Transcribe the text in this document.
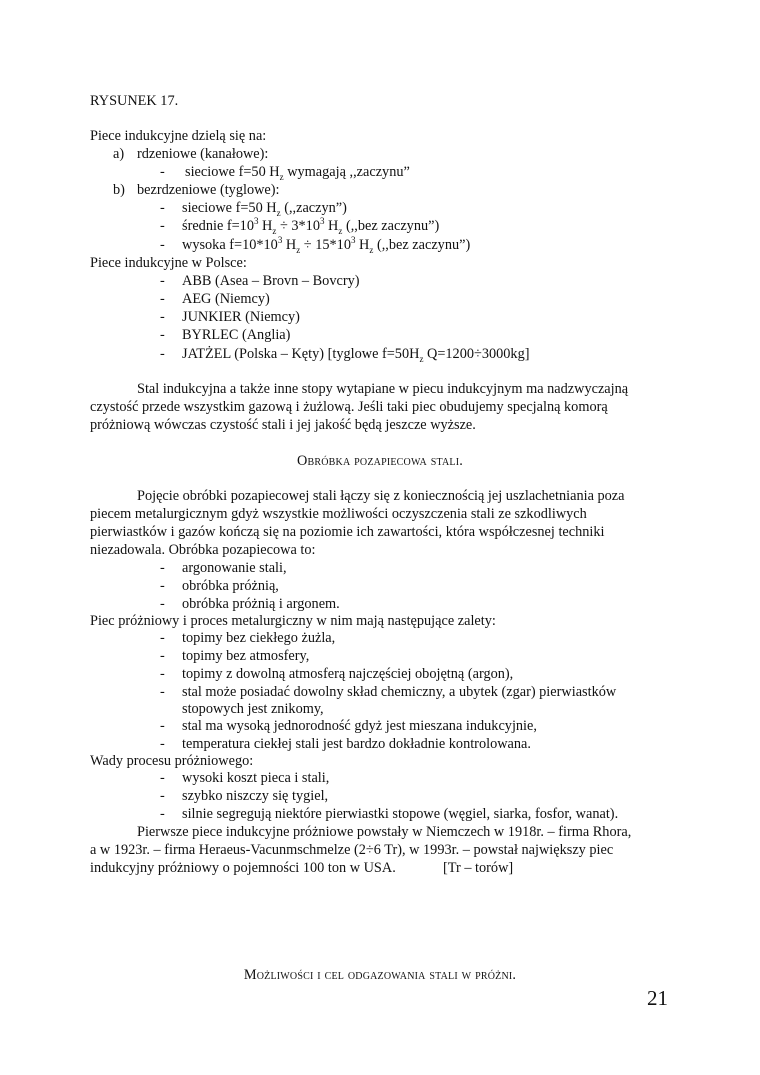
RYSUNEK 17.
Piece indukcyjne dzielą się na:
a) rdzeniowe (kanałowe):
- sieciowe f=50 $H_z$ wymagają ,,zaczynu”
b) bezrdzeniowe (tyglowe):
- sieciowe f=50 $H_z$ (,,zaczyn”)
- średnie $f=10^3$ $H_z \div 3*10^3$ $H_z$ (,,bez zaczynu”)
- wysoka $f=10*10^3$ $H_z \div 15*10^3$ $H_z$ (,,bez zaczynu”)
Piece indukcyjne w Polsce:
- ABB (Asea – Brovn – Bovcry)
- AEG (Niemcy)
- JUNKIER (Niemcy)
- BYRLEC (Anglia)
- JATŻEL (Polska – Kęty) [tyglowe $f=50H_z$ Q=1200÷3000kg]
Stal indukcyjna a także inne stopy wytapiane w piecu indukcyjnym ma nadzwyczajną
czystość przede wszystkim gazową i żużlową. Jeśli taki piec obudujemy specjalną komorą
próżniową wówczas czystość stali i jej jakość będą jeszcze wyższe.
Obróbka pozapiecowa stali.
Pojęcie obróbki pozapiecowej stali łączy się z koniecznością jej uszlachetniania poza
piecem metalurgicznym gdyż wszystkie możliwości oczyszczenia stali ze szkodliwych
pierwiastków i gazów kończą się na poziomie ich zawartości, która współczesnej techniki
niezadowala. Obróbka pozapiecowa to:
- argonowanie stali,
- obróbka próżnią,
- obróbka próżnią i argonem.
Piec próżniowy i proces metalurgiczny w nim mają następujące zalety:
- topimy bez ciekłego żużla,
- topimy bez atmosfery,
- topimy z dowolną atmosferą najczęściej obojętną (argon),
- stal może posiadać dowolny skład chemiczny, a ubytek (zgar) pierwiastków
stopowych jest znikomy,
- stal ma wysoką jednorodność gdyż jest mieszana indukcyjnie,
- temperatura ciekłej stali jest bardzo dokładnie kontrolowana.
Wady procesu próżniowego:
- wysoki koszt pieca i stali,
- szybko niszczy się tygiel,
- silnie segregują niektóre pierwiastki stopowe (węgiel, siarka, fosfor, wanat).
Pierwsze piece indukcyjne próżniowe powstały w Niemczech w 1918r. – firma Rhora,
a w 1923r. – firma Heraeus-Vacunmschmelze (2÷6 Tr), w 1993r. – powstał największy piec
indukcyjny próżniowy o pojemności 100 ton w USA.	[Tr – torów]
Możliwości i cel odgazowania stali w próżni.
21
